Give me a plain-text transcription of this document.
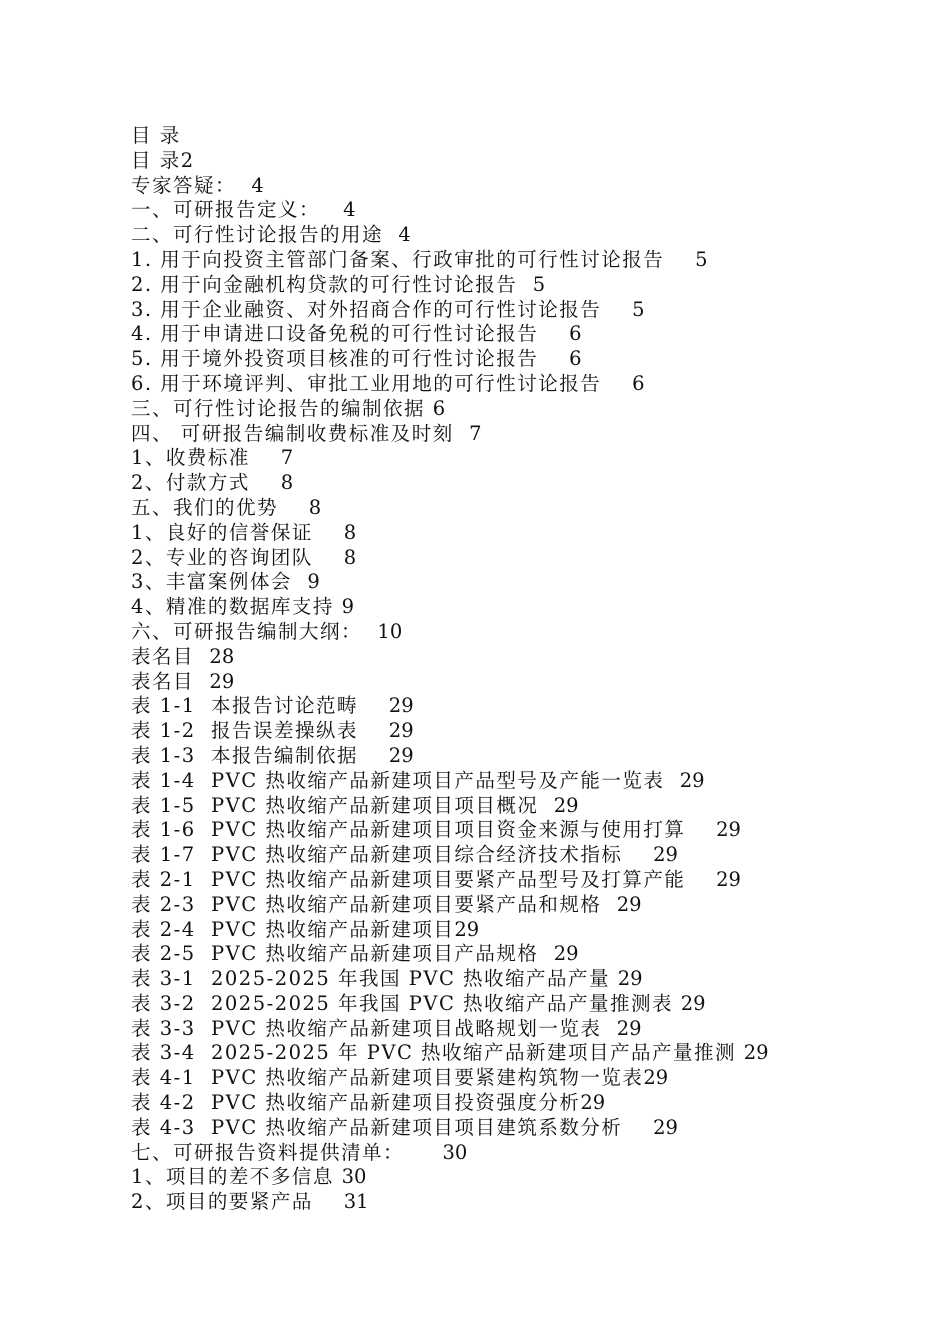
目 录
目 录2
专家答疑：  4
一、可研报告定义：   4
二、可行性讨论报告的用途  4
1. 用于向投资主管部门备案、行政审批的可行性讨论报告    5
2. 用于向金融机构贷款的可行性讨论报告  5
3. 用于企业融资、对外招商合作的可行性讨论报告    5
4. 用于申请进口设备免税的可行性讨论报告    6
5. 用于境外投资项目核准的可行性讨论报告    6
6. 用于环境评判、审批工业用地的可行性讨论报告    6
三、可行性讨论报告的编制依据 6
四、 可研报告编制收费标准及时刻  7
1、收费标准    7
2、付款方式    8
五、我们的优势    8
1、良好的信誉保证    8
2、专业的咨询团队    8
3、丰富案例体会  9
4、精准的数据库支持 9
六、可研报告编制大纲：  10
表名目  28
表名目  29
表 1-1  本报告讨论范畴    29
表 1-2  报告误差操纵表    29
表 1-3  本报告编制依据    29
表 1-4  PVC 热收缩产品新建项目产品型号及产能一览表  29
表 1-5  PVC 热收缩产品新建项目项目概况  29
表 1-6  PVC 热收缩产品新建项目项目资金来源与使用打算    29
表 1-7  PVC 热收缩产品新建项目综合经济技术指标    29
表 2-1  PVC 热收缩产品新建项目要紧产品型号及打算产能    29
表 2-3  PVC 热收缩产品新建项目要紧产品和规格  29
表 2-4  PVC 热收缩产品新建项目29
表 2-5  PVC 热收缩产品新建项目产品规格  29
表 3-1  2025-2025 年我国 PVC 热收缩产品产量 29
表 3-2  2025-2025 年我国 PVC 热收缩产品产量推测表 29
表 3-3  PVC 热收缩产品新建项目战略规划一览表  29
表 3-4  2025-2025 年 PVC 热收缩产品新建项目产品产量推测 29
表 4-1  PVC 热收缩产品新建项目要紧建构筑物一览表29
表 4-2  PVC 热收缩产品新建项目投资强度分析29
表 4-3  PVC 热收缩产品新建项目项目建筑系数分析    29
七、可研报告资料提供清单：     30
1、项目的差不多信息 30
2、项目的要紧产品    31
